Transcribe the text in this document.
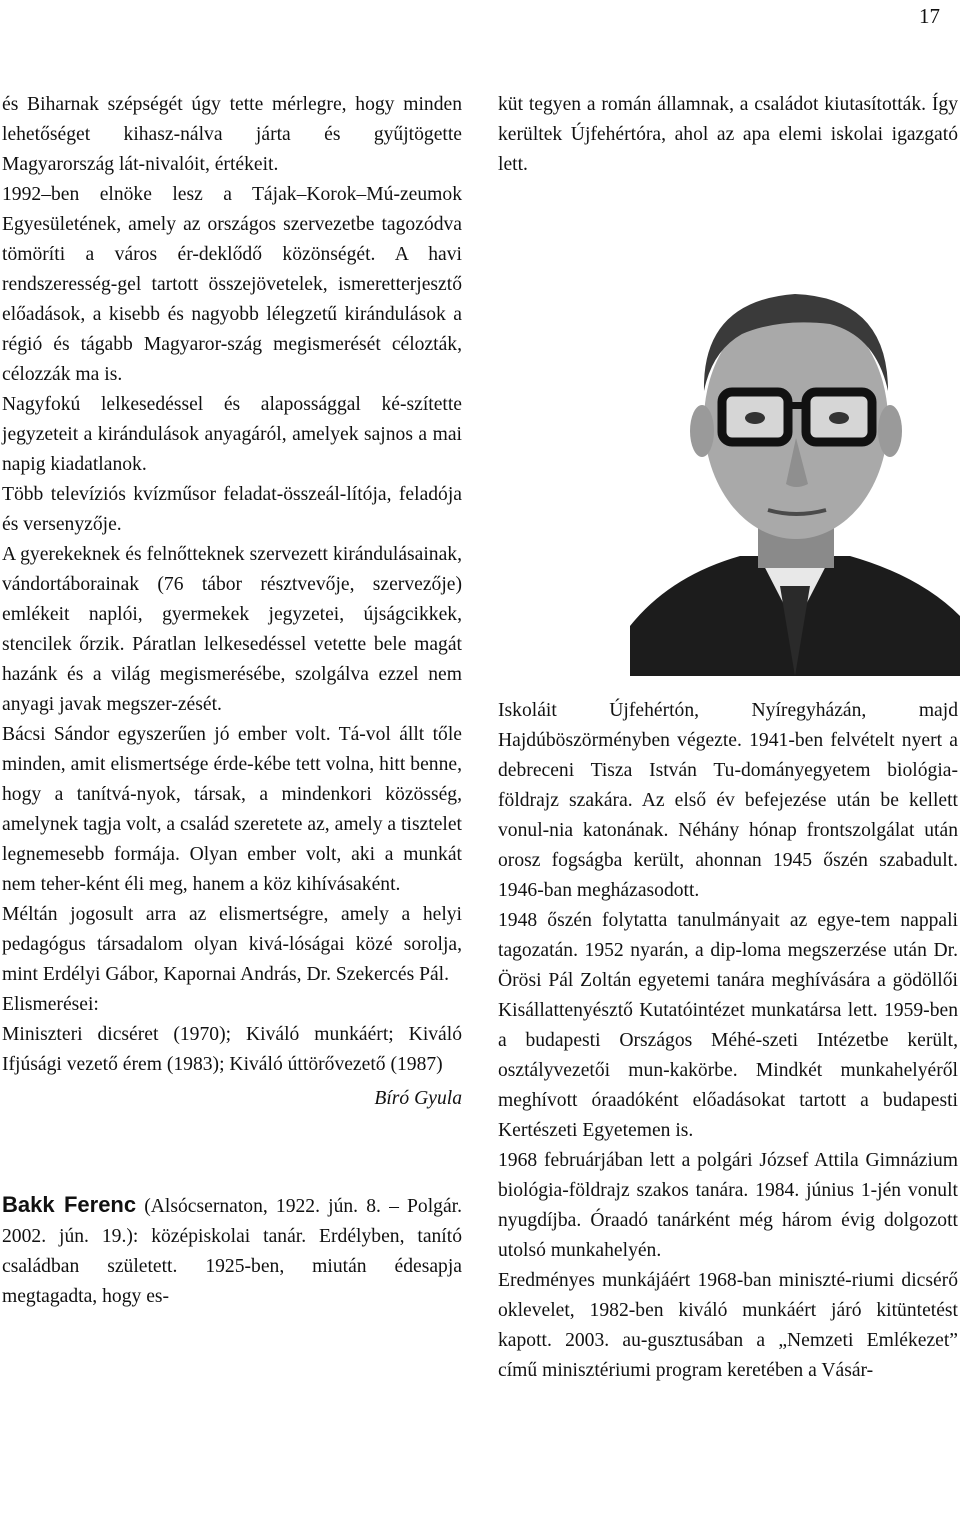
17

és Biharnak szépségét úgy tette mérlegre, hogy minden lehetőséget kihasz-nálva járta és gyűjtögette Magyarország lát-nivalóit, értékeit.

1992–ben elnöke lesz a Tájak–Korok–Mú-zeumok Egyesületének, amely az országos szervezetbe tagozódva tömöríti a város ér-deklődő közönségét. A havi rendszeresség-gel tartott összejövetelek, ismeretterjesztő előadások, a kisebb és nagyobb lélegzetű kirándulások a régió és tágabb Magyaror-szág megismerését célozták, célozzák ma is.

Nagyfokú lelkesedéssel és alapossággal ké-szítette jegyzeteit a kirándulások anyagáról, amelyek sajnos a mai napig kiadatlanok.

Több televíziós kvízműsor feladat-összeál-lítója, feladója és versenyzője.

A gyerekeknek és felnőtteknek szervezett kirándulásainak, vándortáborainak (76 tábor résztvevője, szervezője) emlékeit naplói, gyermekek jegyzetei, újságcikkek, stencilek őrzik. Páratlan lelkesedéssel vetette bele magát hazánk és a világ megismerésébe, szolgálva ezzel nem anyagi javak megszer-zését.

Bácsi Sándor egyszerűen jó ember volt. Tá-vol állt tőle minden, amit elismertsége érde-kébe tett volna, hitt benne, hogy a tanítvá-nyok, társak, a mindenkori közösség, amelynek tagja volt, a család szeretete az, amely a tisztelet legnemesebb formája. Olyan ember volt, aki a munkát nem teher-ként éli meg, hanem a köz kihívásaként.

Méltán jogosult arra az elismertségre, amely a helyi pedagógus társadalom olyan kivá-lóságai közé sorolja, mint Erdélyi Gábor, Kapornai András, Dr. Szekercés Pál.

Elismerései:

Miniszteri dicséret (1970); Kiváló munkáért; Kiváló Ifjúsági vezető érem (1983); Kiváló úttörővezető (1987)

Bíró Gyula

Bakk Ferenc (Alsócsernaton, 1922. jún. 8. – Polgár. 2002. jún. 19.): középiskolai tanár. Erdélyben, tanító családban született. 1925-ben, miután édesapja megtagadta, hogy es-

küt tegyen a román államnak, a családot kiutasították. Így kerültek Újfehértóra, ahol az apa elemi iskolai igazgató lett.

Iskoláit Újfehértón, Nyíregyházán, majd Hajdúböszörményben végezte. 1941-ben felvételt nyert a debreceni Tisza István Tu-dományegyetem biológia-földrajz szakára. Az első év befejezése után be kellett vonul-nia katonának. Néhány hónap frontszolgálat után orosz fogságba került, ahonnan 1945 őszén szabadult. 1946-ban megházasodott.

1948 őszén folytatta tanulmányait az egye-tem nappali tagozatán. 1952 nyarán, a dip-loma megszerzése után Dr. Örösi Pál Zoltán egyetemi tanára meghívására a gödöllői Kisállattenyésztő Kutatóintézet munkatársa lett. 1959-ben a budapesti Országos Méhé-szeti Intézetbe került, osztályvezetői mun-kakörbe. Mindkét munkahelyéről meghívott óraadóként előadásokat tartott a budapesti Kertészeti Egyetemen is.

1968 februárjában lett a polgári József Attila Gimnázium biológia-földrajz szakos tanára. 1984. június 1-jén vonult nyugdíjba. Óraadó tanárként még három évig dolgozott utolsó munkahelyén.

Eredményes munkájáért 1968-ban miniszté-riumi dicsérő oklevelet, 1982-ben kiváló munkáért járó kitüntetést kapott. 2003. au-gusztusában a „Nemzeti Emlékezet” című minisztériumi program keretében a Vásár-
